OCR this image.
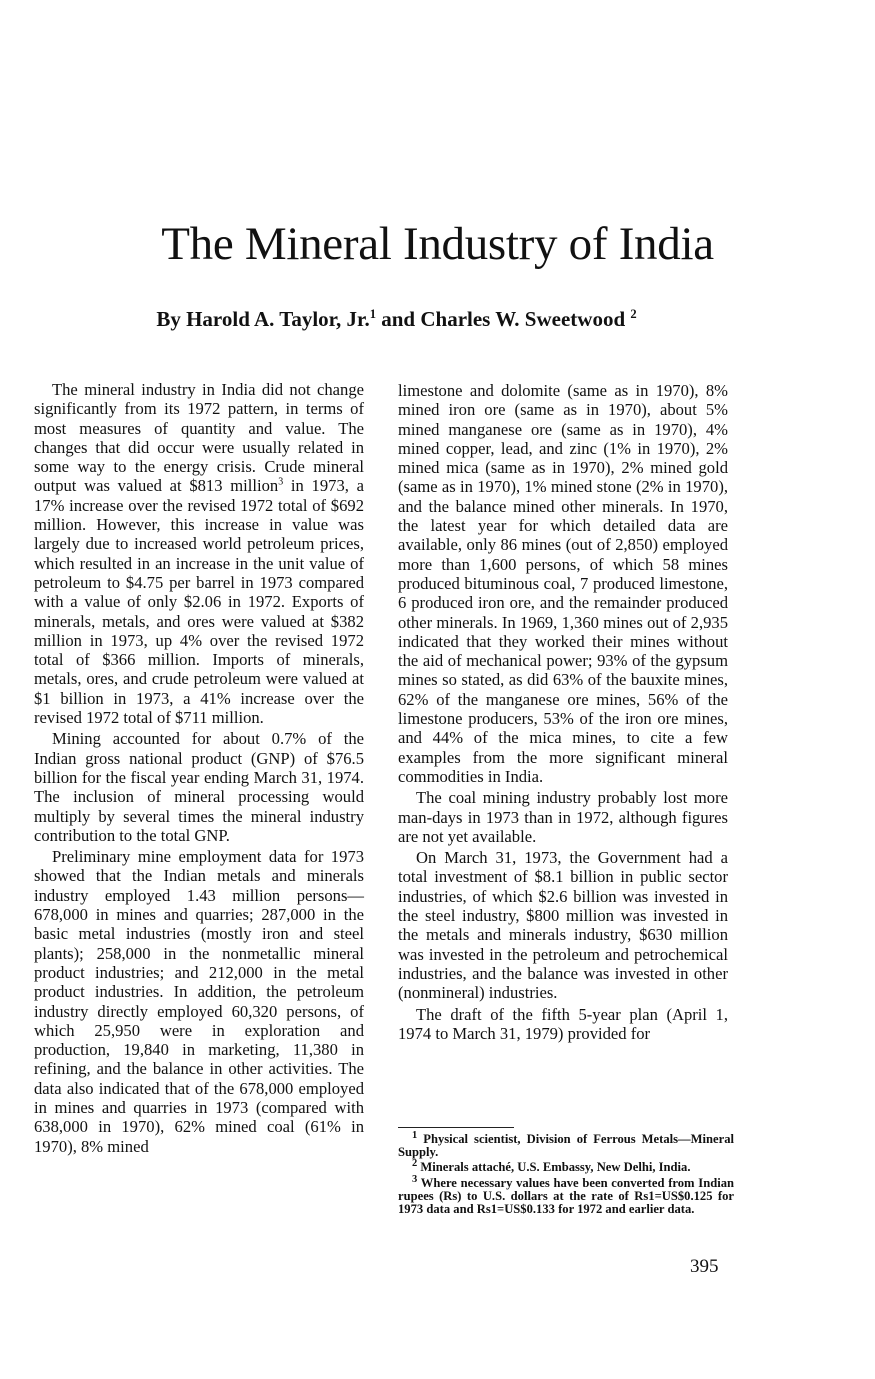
The Mineral Industry of India

By Harold A. Taylor, Jr.$^1$ and Charles W. Sweetwood $^2$

The mineral industry in India did not change significantly from its 1972 pattern, in terms of most measures of quantity and value. The changes that did occur were usually related in some way to the energy crisis. Crude mineral output was valued at $813 million$^3$ in 1973, a 17% increase over the revised 1972 total of $692 million. However, this increase in value was largely due to increased world petroleum prices, which resulted in an increase in the unit value of petroleum to $4.75 per barrel in 1973 compared with a value of only $2.06 in 1972. Exports of minerals, metals, and ores were valued at $382 million in 1973, up 4% over the revised 1972 total of $366 million. Imports of minerals, metals, ores, and crude petroleum were valued at $1 billion in 1973, a 41% increase over the revised 1972 total of $711 million.

Mining accounted for about 0.7% of the Indian gross national product (GNP) of $76.5 billion for the fiscal year ending March 31, 1974. The inclusion of mineral processing would multiply by several times the mineral industry contribution to the total GNP.

Preliminary mine employment data for 1973 showed that the Indian metals and minerals industry employed 1.43 million persons—678,000 in mines and quarries; 287,000 in the basic metal industries (mostly iron and steel plants); 258,000 in the nonmetallic mineral product industries; and 212,000 in the metal product industries. In addition, the petroleum industry directly employed 60,320 persons, of which 25,950 were in exploration and production, 19,840 in marketing, 11,380 in refining, and the balance in other activities. The data also indicated that of the 678,000 employed in mines and quarries in 1973 (compared with 638,000 in 1970), 62% mined coal (61% in 1970), 8% mined

limestone and dolomite (same as in 1970), 8% mined iron ore (same as in 1970), about 5% mined manganese ore (same as in 1970), 4% mined copper, lead, and zinc (1% in 1970), 2% mined mica (same as in 1970), 2% mined gold (same as in 1970), 1% mined stone (2% in 1970), and the balance mined other minerals. In 1970, the latest year for which detailed data are available, only 86 mines (out of 2,850) employed more than 1,600 persons, of which 58 mines produced bituminous coal, 7 produced limestone, 6 produced iron ore, and the remainder produced other minerals. In 1969, 1,360 mines out of 2,935 indicated that they worked their mines without the aid of mechanical power; 93% of the gypsum mines so stated, as did 63% of the bauxite mines, 62% of the manganese ore mines, 56% of the limestone producers, 53% of the iron ore mines, and 44% of the mica mines, to cite a few examples from the more significant mineral commodities in India.

The coal mining industry probably lost more man-days in 1973 than in 1972, although figures are not yet available.

On March 31, 1973, the Government had a total investment of $8.1 billion in public sector industries, of which $2.6 billion was invested in the steel industry, $800 million was invested in the metals and minerals industry, $630 million was invested in the petroleum and petrochemical industries, and the balance was invested in other (nonmineral) industries.

The draft of the fifth 5-year plan (April 1, 1974 to March 31, 1979) provided for

$^1$ Physical scientist, Division of Ferrous Metals—Mineral Supply.

$^2$ Minerals attaché, U.S. Embassy, New Delhi, India.

$^3$ Where necessary values have been converted from Indian rupees (Rs) to U.S. dollars at the rate of Rs1=US$0.125 for 1973 data and Rs1=US$0.133 for 1972 and earlier data.

395
